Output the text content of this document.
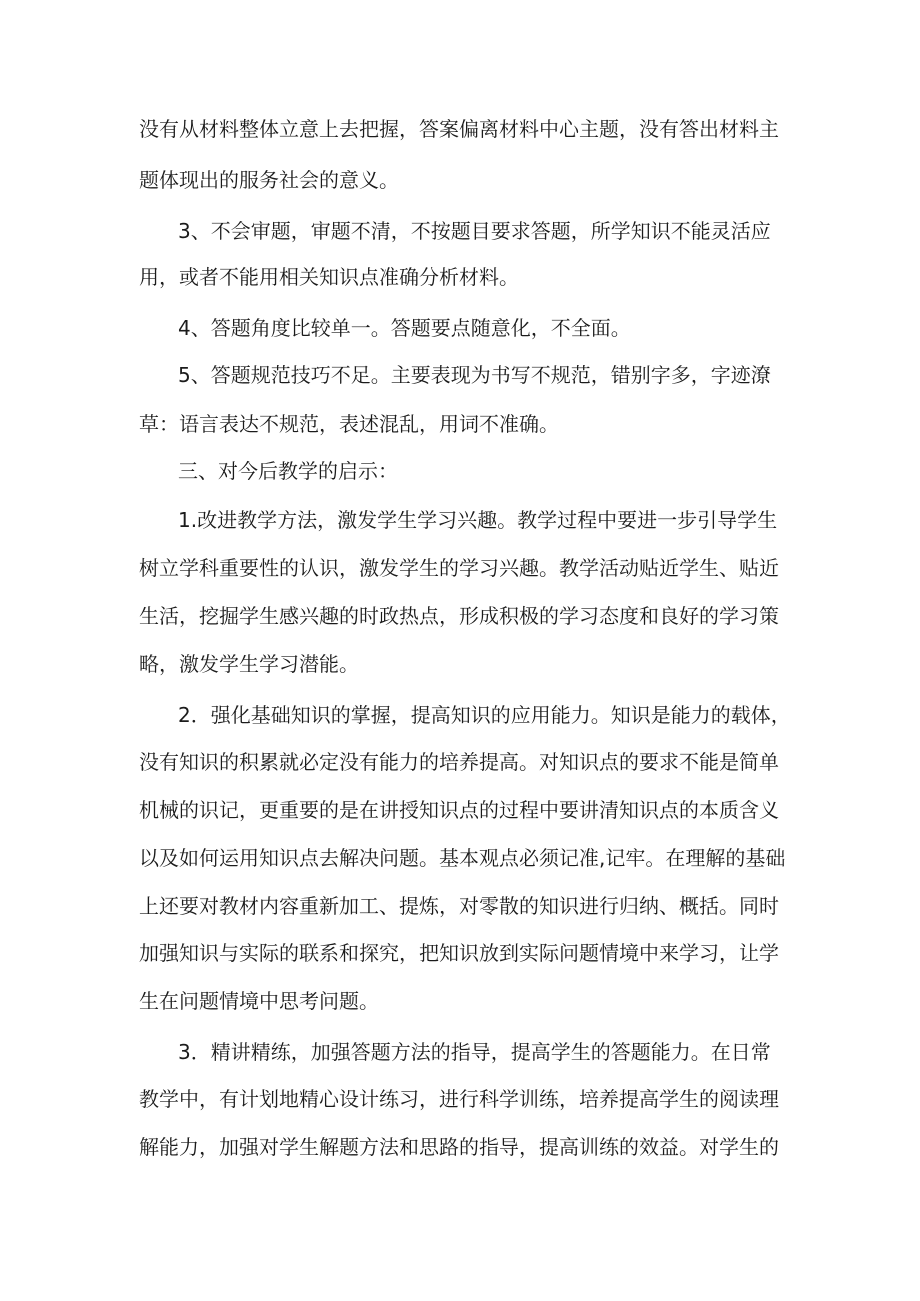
没有从材料整体立意上去把握，答案偏离材料中心主题，没有答出材料主

题体现出的服务社会的意义。

3、不会审题，审题不清，不按题目要求答题，所学知识不能灵活应

用，或者不能用相关知识点准确分析材料。

4、答题角度比较单一。答题要点随意化，不全面。

5、答题规范技巧不足。主要表现为书写不规范，错别字多，字迹潦

草：语言表达不规范，表述混乱，用词不准确。

三、对今后教学的启示：

1.改进教学方法，激发学生学习兴趣。教学过程中要进一步引导学生

树立学科重要性的认识，激发学生的学习兴趣。教学活动贴近学生、贴近

生活，挖掘学生感兴趣的时政热点，形成积极的学习态度和良好的学习策

略，激发学生学习潜能。

2．强化基础知识的掌握，提高知识的应用能力。知识是能力的载体，

没有知识的积累就必定没有能力的培养提高。对知识点的要求不能是简单

机械的识记，更重要的是在讲授知识点的过程中要讲清知识点的本质含义

以及如何运用知识点去解决问题。基本观点必须记准,记牢。在理解的基础

上还要对教材内容重新加工、提炼，对零散的知识进行归纳、概括。同时

加强知识与实际的联系和探究，把知识放到实际问题情境中来学习，让学

生在问题情境中思考问题。

3．精讲精练，加强答题方法的指导，提高学生的答题能力。在日常

教学中，有计划地精心设计练习，进行科学训练，培养提高学生的阅读理

解能力，加强对学生解题方法和思路的指导，提高训练的效益。对学生的
